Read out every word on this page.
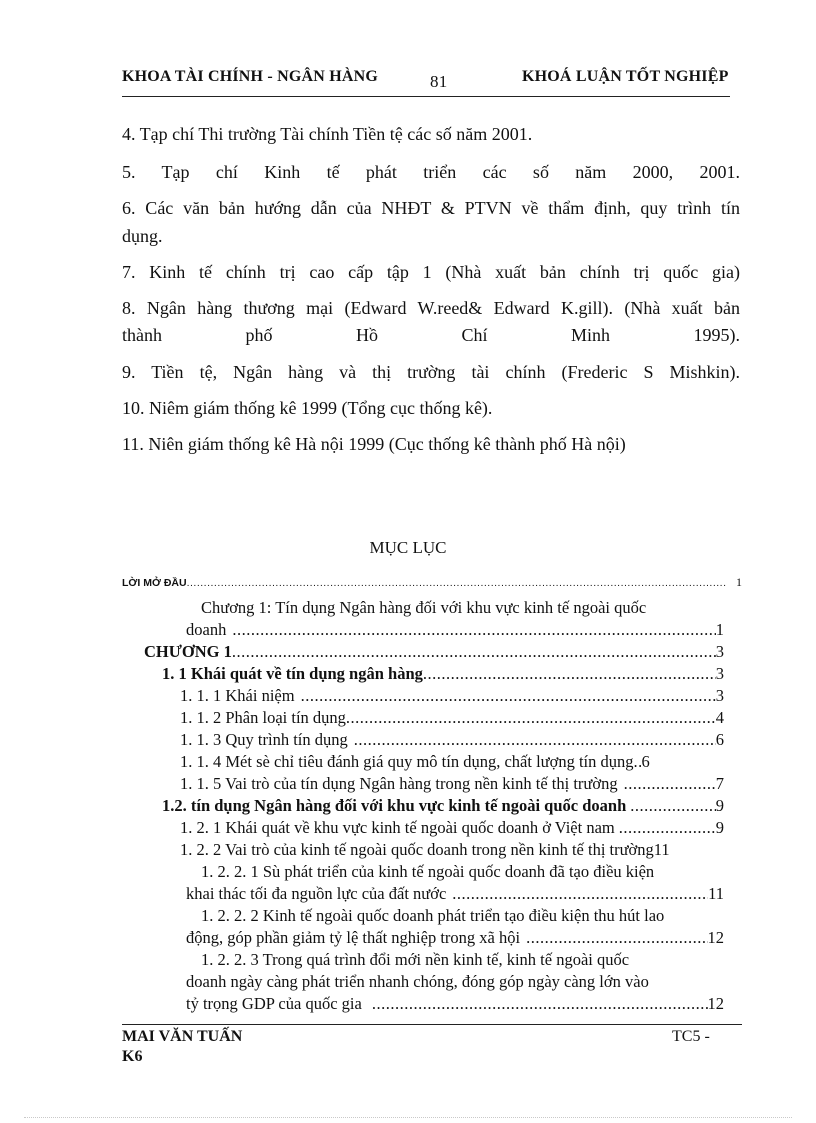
KHOA TÀI CHÍNH - NGÂN HÀNG	81	KHOÁ LUẬN TỐT NGHIỆP
4. Tạp chí Thi trường Tài chính Tiền tệ các số năm 2001.
5. Tạp chí Kinh tế phát triển các số năm 2000, 2001.
6. Các văn bản hướng dẫn của NHĐT & PTVN về thẩm định, quy trình tín
dụng.
7. Kinh tế chính trị cao cấp tập 1 (Nhà xuất bản chính trị quốc gia)
8. Ngân hàng thương mại (Edward W.reed& Edward K.gill). (Nhà xuất bản
thành phố Hồ Chí Minh 1995).
9. Tiền tệ, Ngân hàng và thị trường tài chính (Frederic S Mishkin).
10. Niêm giám thống kê 1999 (Tổng cục thống kê).
11. Niên giám thống kê Hà nội 1999 (Cục thống kê thành phố Hà nội)
MỤC LỤC
LỜI MỞ ĐẦU .....	1
Chương 1: Tín dụng Ngân hàng đối với khu vực kinh tế ngoài quốc
doanh .....	1
CHƯƠNG 1 .....	3
1. 1 Khái quát về tín dụng ngân hàng .....	3
1. 1. 1 Khái niệm .....	3
1. 1. 2 Phân loại tín dụng .....	4
1. 1. 3 Quy trình tín dụng .....	6
1. 1. 4 Mét sè chỉ tiêu đánh giá quy mô tín dụng, chất lượng tín dụng ..... 6
1. 1. 5 Vai trò của tín dụng Ngân hàng trong nền kinh tế thị trường .....	7
1.2. tín dụng Ngân hàng đối với khu vực kinh tế ngoài quốc doanh .....	9
1. 2. 1 Khái quát về khu vực kinh tế ngoài quốc doanh ở Việt nam .....	9
1. 2. 2 Vai trò của kinh tế ngoài quốc doanh trong nền kinh tế thị trường11
1. 2. 2. 1 Sù phát triển của kinh tế ngoài quốc doanh đã tạo điều kiện
khai thác tối đa nguồn lực của đất nước .....	11
1. 2. 2. 2 Kinh tế ngoài quốc doanh phát triển tạo điều kiện thu hút lao
động, góp phần giảm tỷ lệ thất nghiệp trong xã hội .....	12
1. 2. 2. 3 Trong quá trình đổi mới nền kinh tế, kinh tế ngoài quốc
doanh ngày càng phát triển nhanh chóng, đóng góp ngày càng lớn vào
tỷ trọng GDP của quốc gia .....	12
MAI VĂN TUẤN
K6
TC5 -
